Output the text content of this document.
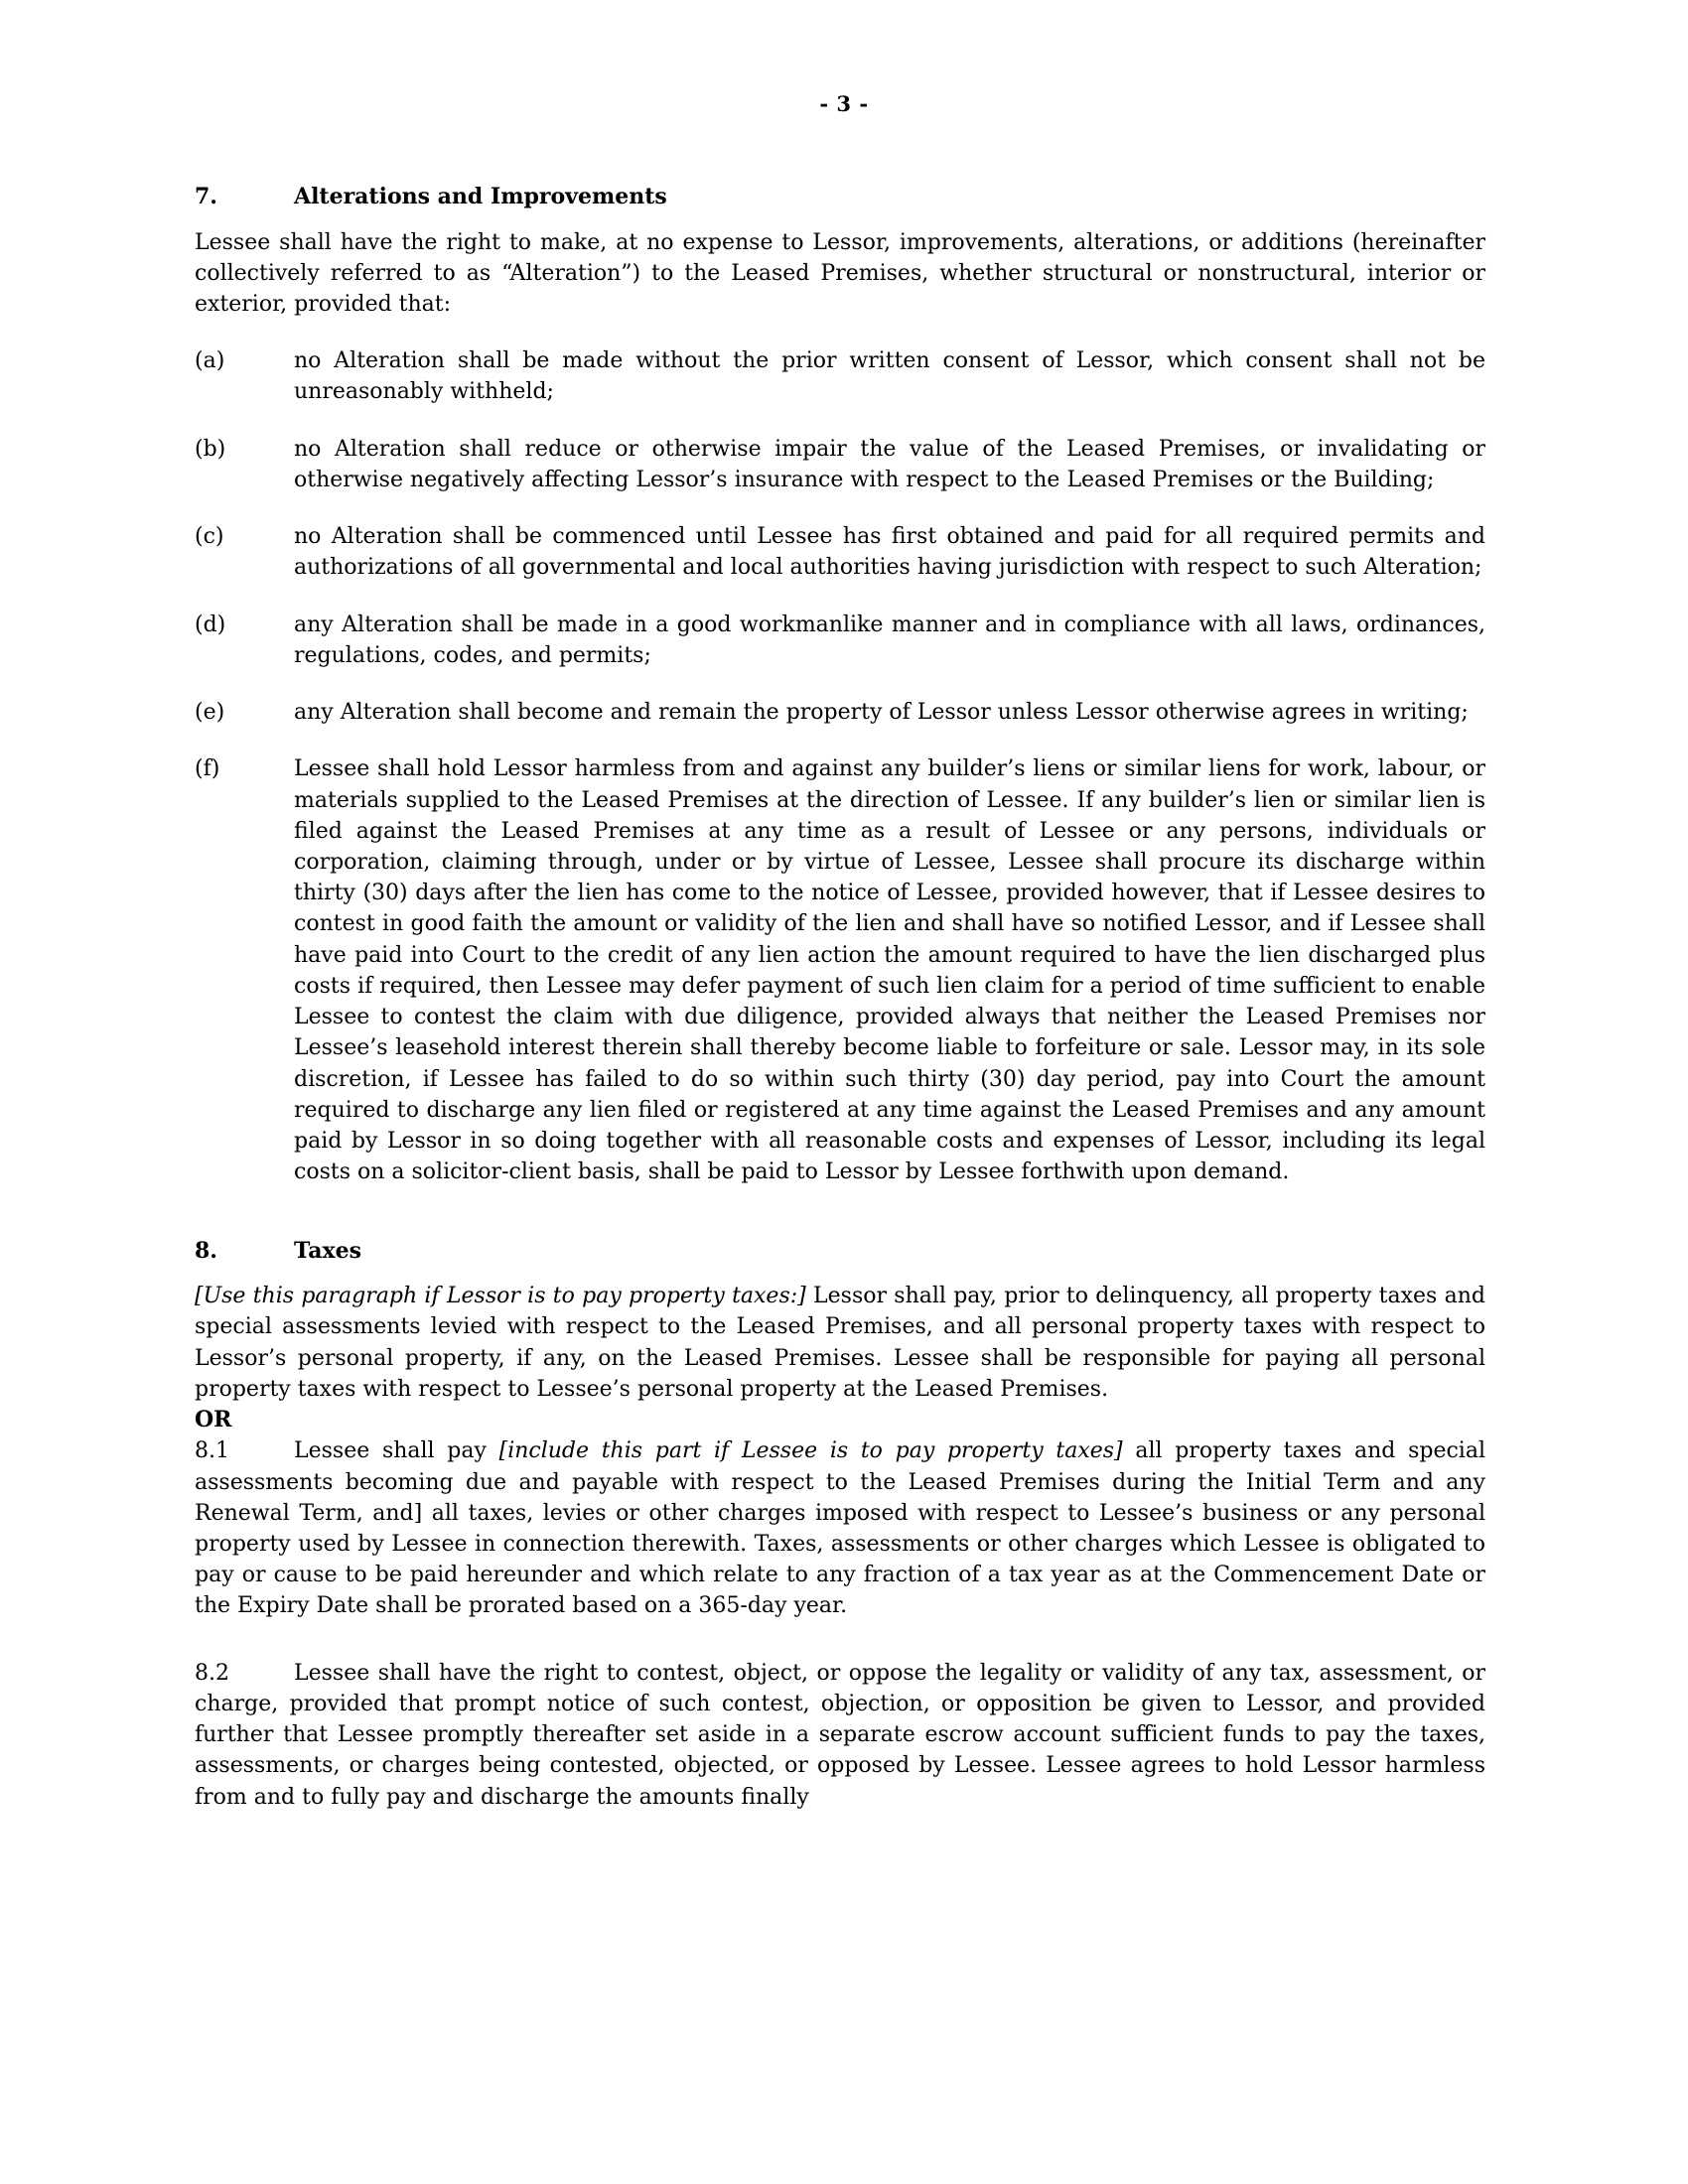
- 3 -
7.	Alterations and Improvements

Lessee shall have the right to make, at no expense to Lessor, improvements, alterations, or additions (hereinafter collectively referred to as “Alteration”) to the Leased Premises, whether structural or nonstructural, interior or exterior, provided that:

(a)	no Alteration shall be made without the prior written consent of Lessor, which consent shall not be unreasonably withheld;
(b)	no Alteration shall reduce or otherwise impair the value of the Leased Premises, or invalidating or otherwise negatively affecting Lessor’s insurance with respect to the Leased Premises or the Building;
(c)	no Alteration shall be commenced until Lessee has first obtained and paid for all required permits and authorizations of all governmental and local authorities having jurisdiction with respect to such Alteration;
(d)	any Alteration shall be made in a good workmanlike manner and in compliance with all laws, ordinances, regulations, codes, and permits;
(e)	any Alteration shall become and remain the property of Lessor unless Lessor otherwise agrees in writing;
(f)	Lessee shall hold Lessor harmless from and against any builder’s liens or similar liens for work, labour, or materials supplied to the Leased Premises at the direction of Lessee. If any builder’s lien or similar lien is filed against the Leased Premises at any time as a result of Lessee or any persons, individuals or corporation, claiming through, under or by virtue of Lessee, Lessee shall procure its discharge within thirty (30) days after the lien has come to the notice of Lessee, provided however, that if Lessee desires to contest in good faith the amount or validity of the lien and shall have so notified Lessor, and if Lessee shall have paid into Court to the credit of any lien action the amount required to have the lien discharged plus costs if required, then Lessee may defer payment of such lien claim for a period of time sufficient to enable Lessee to contest the claim with due diligence, provided always that neither the Leased Premises nor Lessee’s leasehold interest therein shall thereby become liable to forfeiture or sale. Lessor may, in its sole discretion, if Lessee has failed to do so within such thirty (30) day period, pay into Court the amount required to discharge any lien filed or registered at any time against the Leased Premises and any amount paid by Lessor in so doing together with all reasonable costs and expenses of Lessor, including its legal costs on a solicitor-client basis, shall be paid to Lessor by Lessee forthwith upon demand.
8.	Taxes

[Use this paragraph if Lessor is to pay property taxes:] Lessor shall pay, prior to delinquency, all property taxes and special assessments levied with respect to the Leased Premises, and all personal property taxes with respect to Lessor’s personal property, if any, on the Leased Premises. Lessee shall be responsible for paying all personal property taxes with respect to Lessee’s personal property at the Leased Premises.

OR
8.1	Lessee shall pay [include this part if Lessee is to pay property taxes] all property taxes and special assessments becoming due and payable with respect to the Leased Premises during the Initial Term and any Renewal Term, and] all taxes, levies or other charges imposed with respect to Lessee’s business or any personal property used by Lessee in connection therewith. Taxes, assessments or other charges which Lessee is obligated to pay or cause to be paid hereunder and which relate to any fraction of a tax year as at the Commencement Date or the Expiry Date shall be prorated based on a 365-day year.
8.2	Lessee shall have the right to contest, object, or oppose the legality or validity of any tax, assessment, or charge, provided that prompt notice of such contest, objection, or opposition be given to Lessor, and provided further that Lessee promptly thereafter set aside in a separate escrow account sufficient funds to pay the taxes, assessments, or charges being contested, objected, or opposed by Lessee. Lessee agrees to hold Lessor harmless from and to fully pay and discharge the amounts finally
